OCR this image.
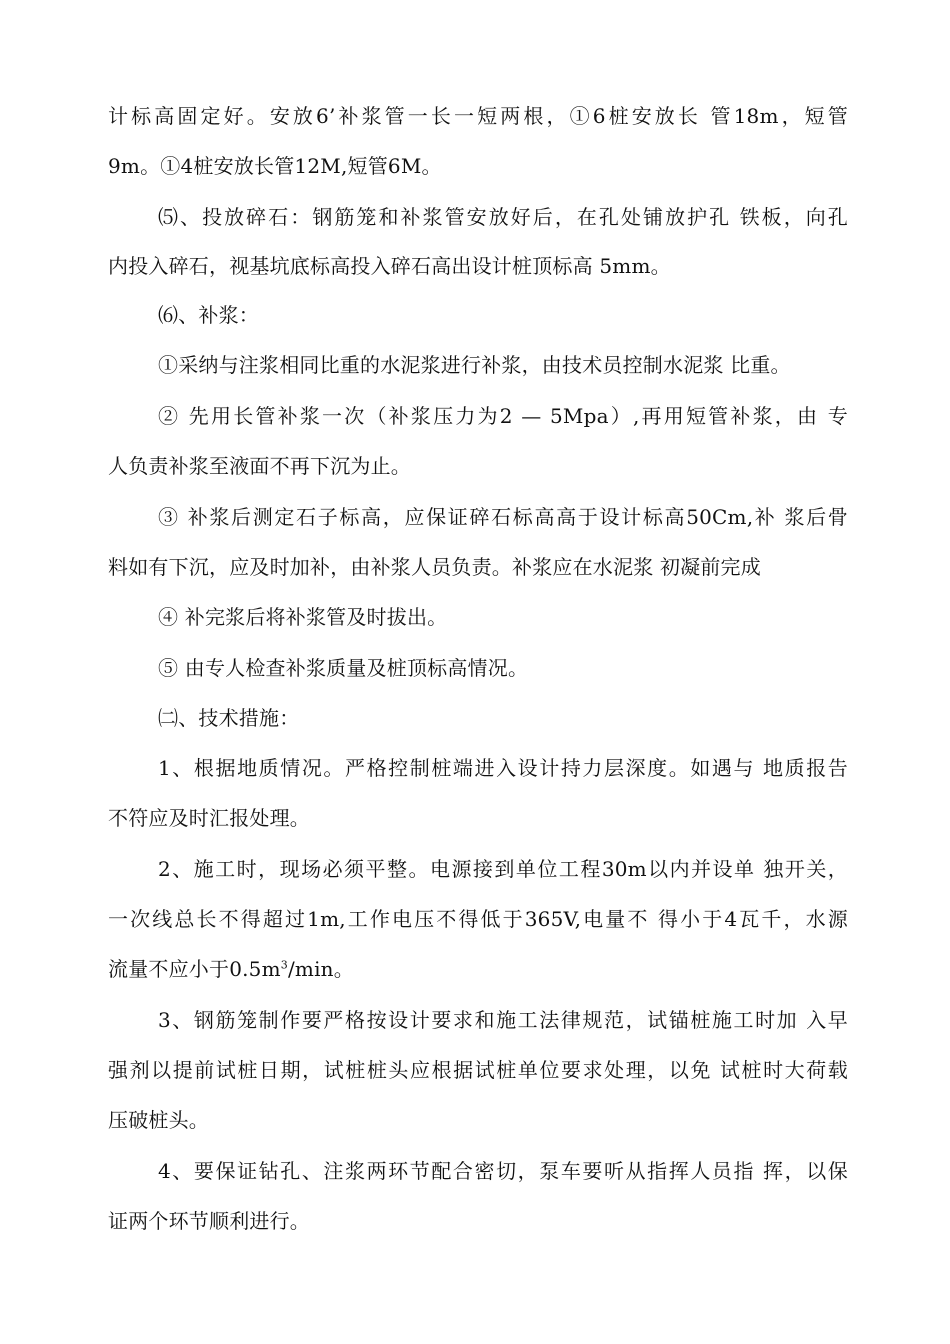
计标高固定好。安放6’补浆管一长一短两根，①6桩安放长 管18m，短管
9m。①4桩安放长管12M,短管6M。
⑸、投放碎石：钢筋笼和补浆管安放好后，在孔处铺放护孔 铁板，向孔
内投入碎石，视基坑底标高投入碎石高出设计桩顶标高 5mm。
⑹、补浆：
①采纳与注浆相同比重的水泥浆进行补浆，由技术员控制水泥浆 比重。
② 先用长管补浆一次（补浆压力为2 — 5Mpa）,再用短管补浆，由 专
人负责补浆至液面不再下沉为止。
③ 补浆后测定石子标高，应保证碎石标高高于设计标高50Cm,补 浆后骨
料如有下沉，应及时加补，由补浆人员负责。补浆应在水泥浆 初凝前完成
④ 补完浆后将补浆管及时拔出。
⑤ 由专人检查补浆质量及桩顶标高情况。
㈡、技术措施：
1、根据地质情况。严格控制桩端进入设计持力层深度。如遇与 地质报告
不符应及时汇报处理。
2、施工时，现场必须平整。电源接到单位工程30m以内并设单 独开关，
一次线总长不得超过1m,工作电压不得低于365V,电量不 得小于4瓦千，水源
流量不应小于$0.5m^3/\min$。
3、钢筋笼制作要严格按设计要求和施工法律规范，试锚桩施工时加 入早
强剂以提前试桩日期，试桩桩头应根据试桩单位要求处理，以免 试桩时大荷载
压破桩头。
4、要保证钻孔、注浆两环节配合密切，泵车要听从指挥人员指 挥，以保
证两个环节顺利进行。
